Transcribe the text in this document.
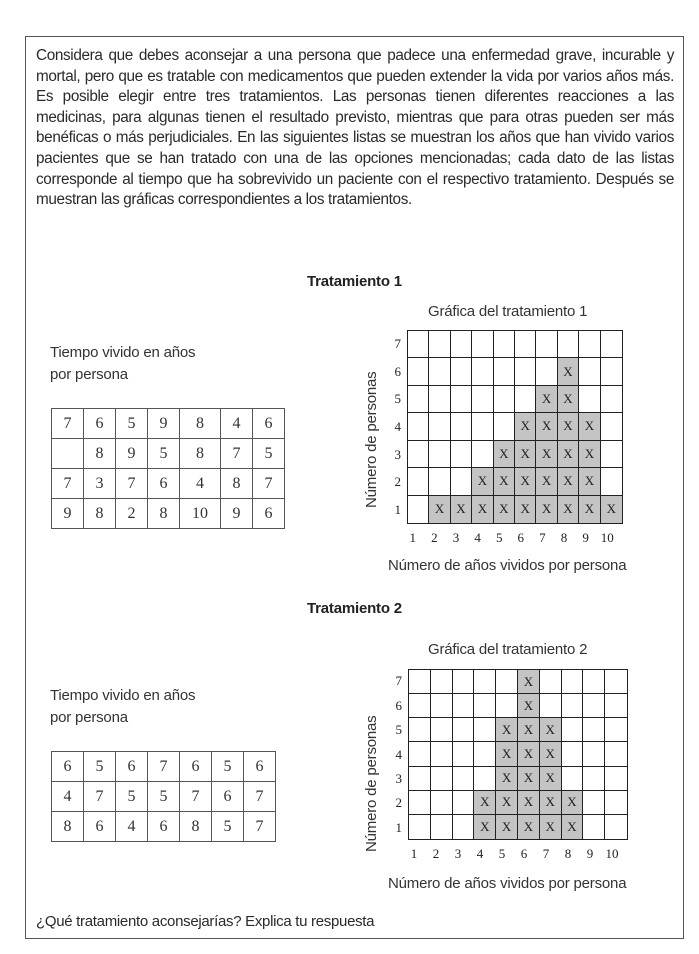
Considera que debes aconsejar a una persona que padece una enfermedad grave, incurable y mortal, pero que es tratable con medicamentos que pueden extender la vida por varios años más. Es posible elegir entre tres tratamientos. Las personas tienen diferentes reacciones a las medicinas, para algunas tienen el resultado previsto, mientras que para otras pueden ser más benéficas o más perjudiciales. En las siguientes listas se muestran los años que han vivido varios pacientes que se han tratado con una de las opciones mencionadas; cada dato de las listas corresponde al tiempo que ha sobrevivido un paciente con el respectivo tratamiento. Después se muestran las gráficas correspondientes a los tratamientos.
Tratamiento 1
Gráfica del tratamiento 1
Tiempo vivido en años
por persona
7	6	5	9	8	4	6
	8	9	5	8	7	5
7	3	7	6	4	8	7
9	8	2	8	10	9	6
X
X X
X X X X
X X X X X
X X X X X X
X X X X X X X X X
1
2
3
4
5
6
7
1	2	3	4	5	6	7	8	9 10
Número de personas
Número de años vividos por persona
Tratamiento 2
Gráfica del tratamiento 2
Tiempo vivido en años
por persona
6	5	6	7	6	5	6
4	7	5	5	7	6	7
8	6	4	6	8	5	7
X
X
X X X
X X X
X X X
X X X X X
X X X X X
1
2
3
4
5
6
7
1	2	3	4	5	6	7	8	9 10
Número de personas
Número de años vividos por persona
¿Qué tratamiento aconsejarías? Explica tu respuesta
